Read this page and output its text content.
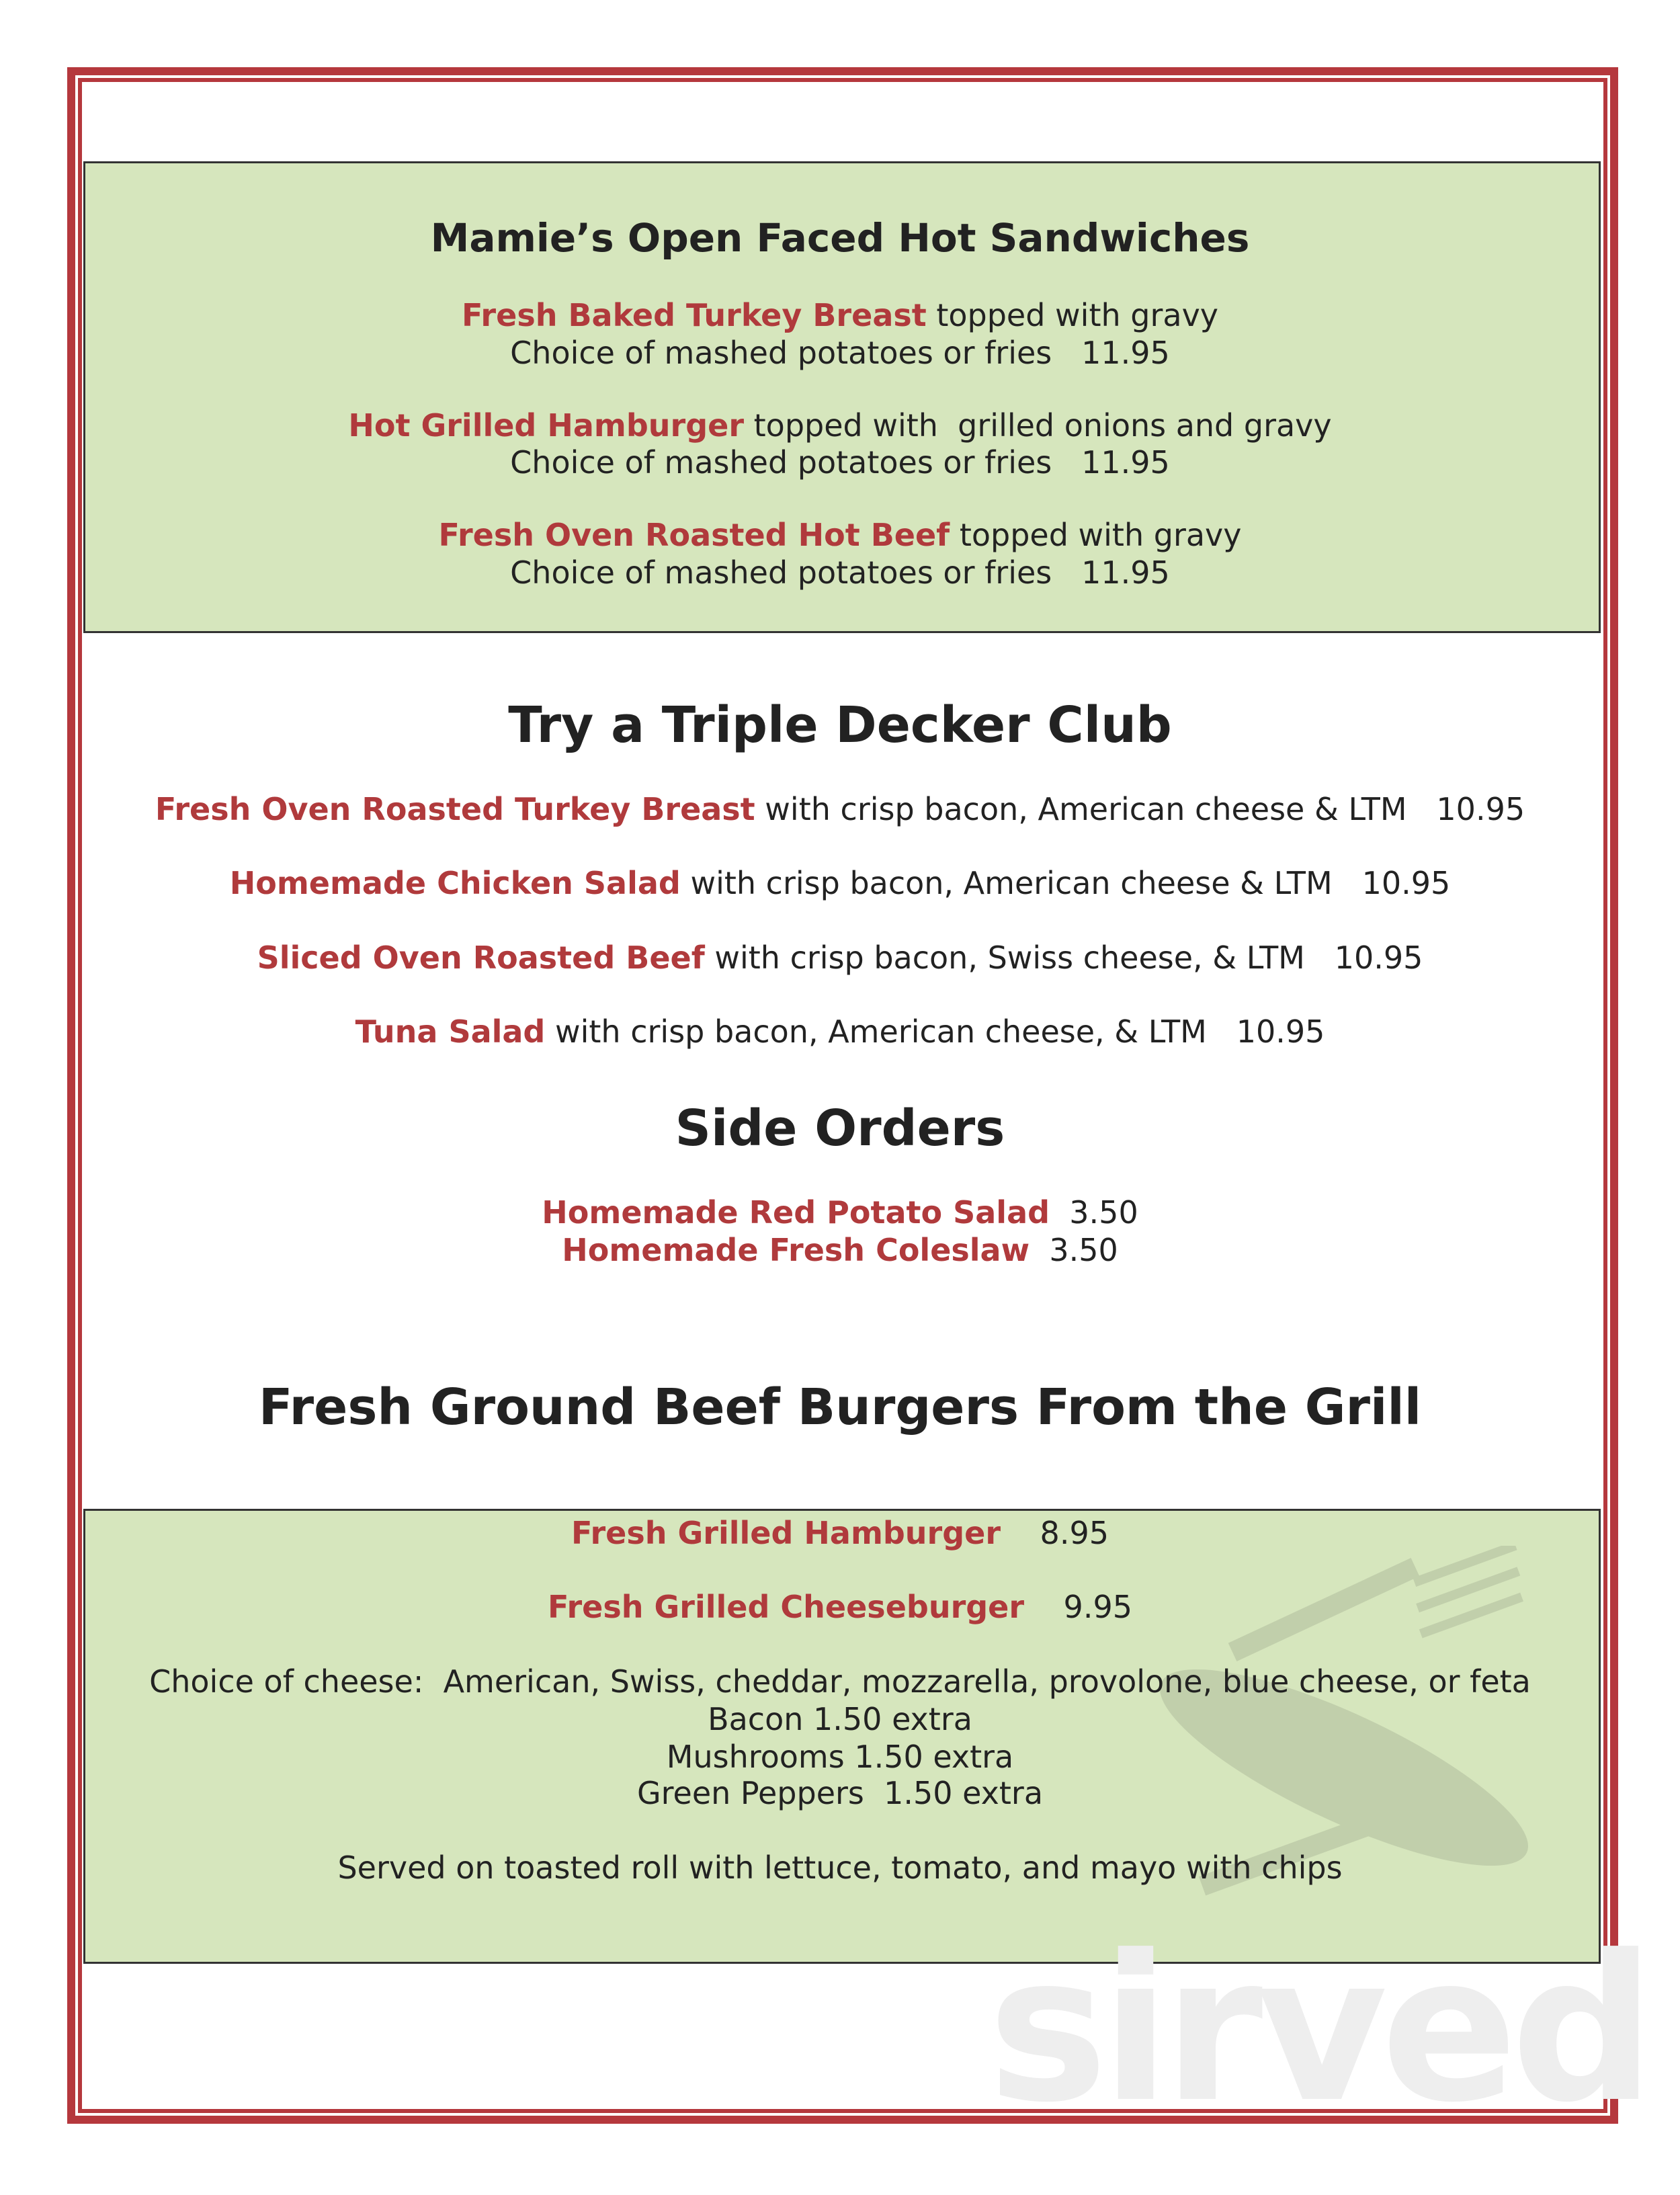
Mamie’s Open Faced Hot Sandwiches
Fresh Baked Turkey Breast topped with gravy
Choice of mashed potatoes or fries   11.95
Hot Grilled Hamburger topped with  grilled onions and gravy
Choice of mashed potatoes or fries   11.95
Fresh Oven Roasted Hot Beef topped with gravy
Choice of mashed potatoes or fries   11.95
Try a Triple Decker Club
Fresh Oven Roasted Turkey Breast with crisp bacon, American cheese & LTM   10.95
Homemade Chicken Salad with crisp bacon, American cheese & LTM   10.95
Sliced Oven Roasted Beef with crisp bacon, Swiss cheese, & LTM   10.95
Tuna Salad with crisp bacon, American cheese, & LTM   10.95
Side Orders
Homemade Red Potato Salad  3.50
Homemade Fresh Coleslaw  3.50
Fresh Ground Beef Burgers From the Grill
Fresh Grilled Hamburger    8.95
Fresh Grilled Cheeseburger    9.95
Choice of cheese:  American, Swiss, cheddar, mozzarella, provolone, blue cheese, or feta
Bacon 1.50 extra
Mushrooms 1.50 extra
Green Peppers  1.50 extra
Served on toasted roll with lettuce, tomato, and mayo with chips
sirved
